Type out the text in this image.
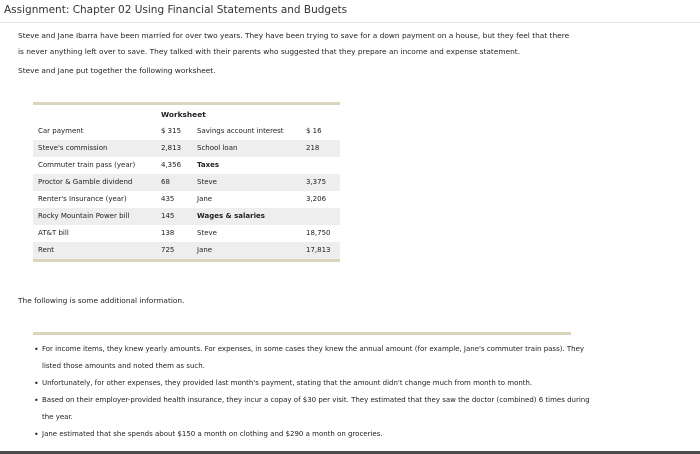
Assignment: Chapter 02 Using Financial Statements and Budgets

Steve and Jane Ibarra have been married for over two years. They have been trying to save for a down payment on a house, but they feel that there

is never anything left over to save. They talked with their parents who suggested that they prepare an income and expense statement.

Steve and Jane put together the following worksheet.
Worksheet
Car payment	$ 315	Savings account interest	$ 16
Steve's commission	2,813	School loan	218
Commuter train pass (year)	4,356	Taxes
Proctor & Gamble dividend	68	Steve	3,375
Renter's Insurance (year)	435	Jane	3,206
Rocky Mountain Power bill	145	Wages & salaries
AT&T bill	138	Steve	18,750
Rent	725	Jane	17,813
The following is some additional information.
• For income items, they knew yearly amounts. For expenses, in some cases they knew the annual amount (for example, Jane's commuter train pass). They listed those amounts and noted them as such.
• Unfortunately, for other expenses, they provided last month's payment, stating that the amount didn't change much from month to month.
• Based on their employer-provided health insurance, they incur a copay of $30 per visit. They estimated that they saw the doctor (combined) 6 times during the year.
• Jane estimated that she spends about $150 a month on clothing and $290 a month on groceries.
